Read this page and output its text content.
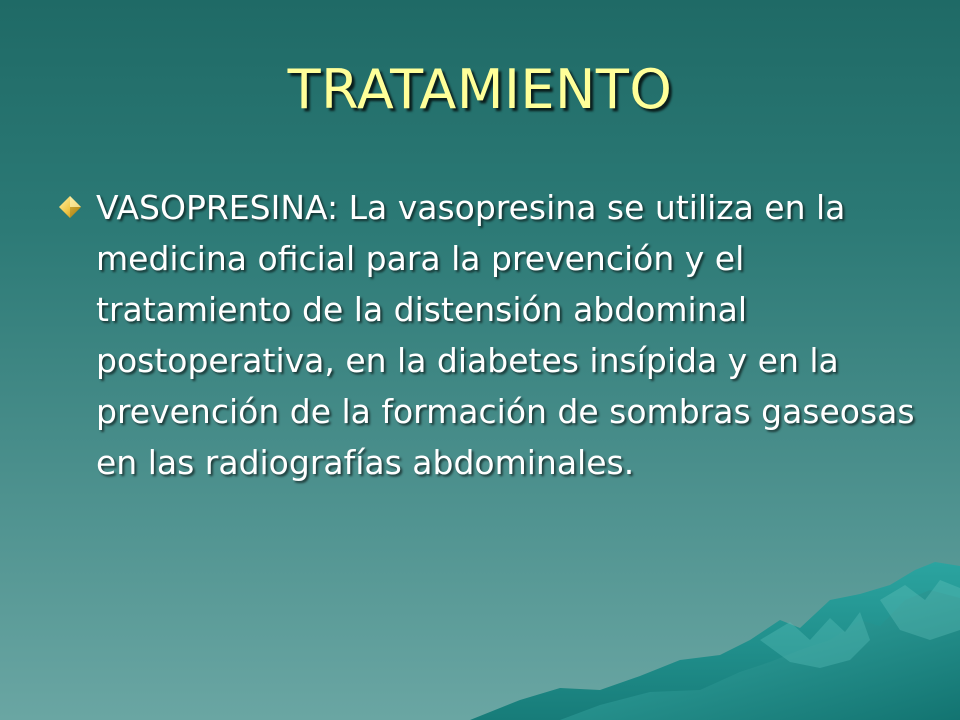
TRATAMIENTO
VASOPRESINA: La vasopresina se utiliza en la medicina oficial para la prevención y el tratamiento de la distensión abdominal postoperativa, en la diabetes insípida y en la prevención de la formación de sombras gaseosas en las radiografías abdominales.
